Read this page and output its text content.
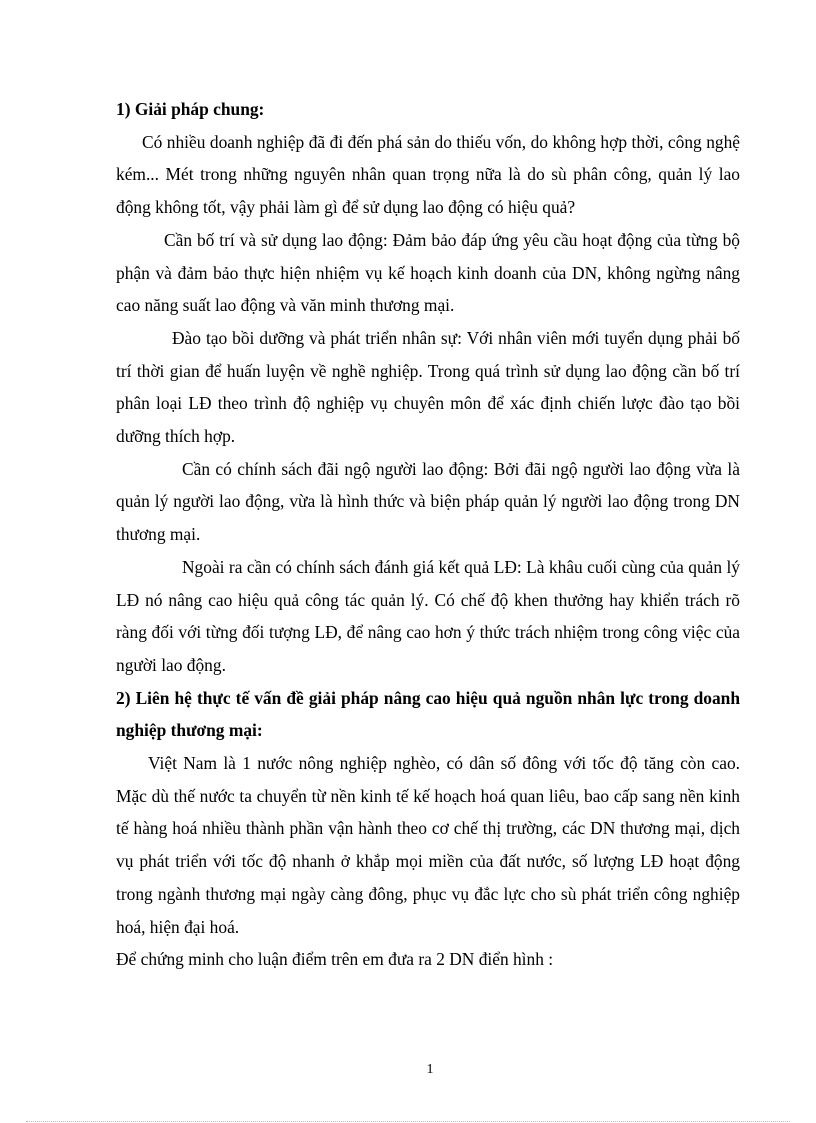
1) Giải pháp chung:

Có nhiều doanh nghiệp đã đi đến phá sản do thiếu vốn, do không hợp thời, công nghệ kém... Mét trong những nguyên nhân quan trọng nữa là do sù phân công, quản lý lao động không tốt, vậy phải làm gì để sử dụng lao động có hiệu quả?

Cần bố trí và sử dụng lao động: Đảm bảo đáp ứng yêu cầu hoạt động của từng bộ phận và đảm bảo thực hiện nhiệm vụ kế hoạch kinh doanh của DN, không ngừng nâng cao năng suất lao động và văn minh thương mại.

Đào tạo bồi dưỡng và phát triển nhân sự: Với nhân viên mới tuyển dụng phải bố trí thời gian để huấn luyện về nghề nghiệp. Trong quá trình sử dụng lao động cần bố trí phân loại LĐ theo trình độ nghiệp vụ chuyên môn để xác định chiến lược đào tạo bồi dưỡng thích hợp.

Cần có chính sách đãi ngộ người lao động: Bởi đãi ngộ người lao động vừa là quản lý người lao động, vừa là hình thức và biện pháp quản lý người lao động trong DN thương mại.

Ngoài ra cần có chính sách đánh giá kết quả LĐ: Là khâu cuối cùng của quản lý LĐ nó nâng cao hiệu quả công tác quản lý. Có chế độ khen thưởng hay khiển trách rõ ràng đối với từng đối tượng LĐ, để nâng cao hơn ý thức trách nhiệm trong công việc của người lao động.

2) Liên hệ thực tế vấn đề giải pháp nâng cao hiệu quả nguồn nhân lực trong doanh nghiệp thương mại:

Việt Nam là 1 nước nông nghiệp nghèo, có dân số đông với tốc độ tăng còn cao. Mặc dù thế nước ta chuyển từ nền kinh tế kế hoạch hoá quan liêu, bao cấp sang nền kinh tế hàng hoá nhiều thành phần vận hành theo cơ chế thị trường, các DN thương mại, dịch vụ phát triển với tốc độ nhanh ở khắp mọi miền của đất nước, số lượng LĐ hoạt động trong ngành thương mại ngày càng đông, phục vụ đắc lực cho sù phát triển công nghiệp hoá, hiện đại hoá.

Để chứng minh cho luận điểm trên em đưa ra 2 DN điển hình :

1
